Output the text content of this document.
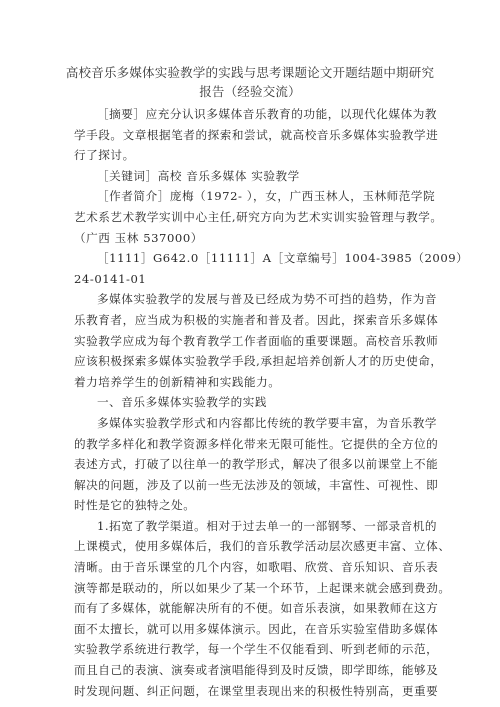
高校音乐多媒体实验教学的实践与思考课题论文开题结题中期研究
报告（经验交流）
［摘要］应充分认识多媒体音乐教育的功能，以现代化媒体为教
学手段。文章根据笔者的探索和尝试，就高校音乐多媒体实验教学进
行了探讨。
［关键词］高校 音乐多媒体 实验教学
［作者简介］庞梅（1972- ），女，广西玉林人，玉林师范学院
艺术系艺术教学实训中心主任,研究方向为艺术实训实验管理与教学。
（广西 玉林 537000）
［1111］G642.0［11111］A［文章编号］1004-3985（2009）
24-0141-01
多媒体实验教学的发展与普及已经成为势不可挡的趋势，作为音
乐教育者，应当成为积极的实施者和普及者。因此，探索音乐多媒体
实验教学应成为每个教育教学工作者面临的重要课题。高校音乐教师
应该积极探索多媒体实验教学手段,承担起培养创新人才的历史使命，
着力培养学生的创新精神和实践能力。
一、音乐多媒体实验教学的实践
多媒体实验教学形式和内容都比传统的教学要丰富，为音乐教学
的教学多样化和教学资源多样化带来无限可能性。它提供的全方位的
表述方式，打破了以往单一的教学形式，解决了很多以前课堂上不能
解决的问题，涉及了以前一些无法涉及的领域，丰富性、可视性、即
时性是它的独特之处。
1.拓宽了教学渠道。相对于过去单一的一部钢琴、一部录音机的
上课模式，使用多媒体后，我们的音乐教学活动层次感更丰富、立体、
清晰。由于音乐课堂的几个内容，如歌唱、欣赏、音乐知识、音乐表
演等都是联动的，所以如果少了某一个环节，上起课来就会感到费劲。
而有了多媒体，就能解决所有的不便。如音乐表演，如果教师在这方
面不太擅长，就可以用多媒体演示。因此，在音乐实验室借助多媒体
实验教学系统进行教学，每一个学生不仅能看到、听到老师的示范，
而且自己的表演、演奏或者演唱能得到及时反馈，即学即练，能够及
时发现问题、纠正问题，在课堂里表现出来的积极性特别高，更重要
